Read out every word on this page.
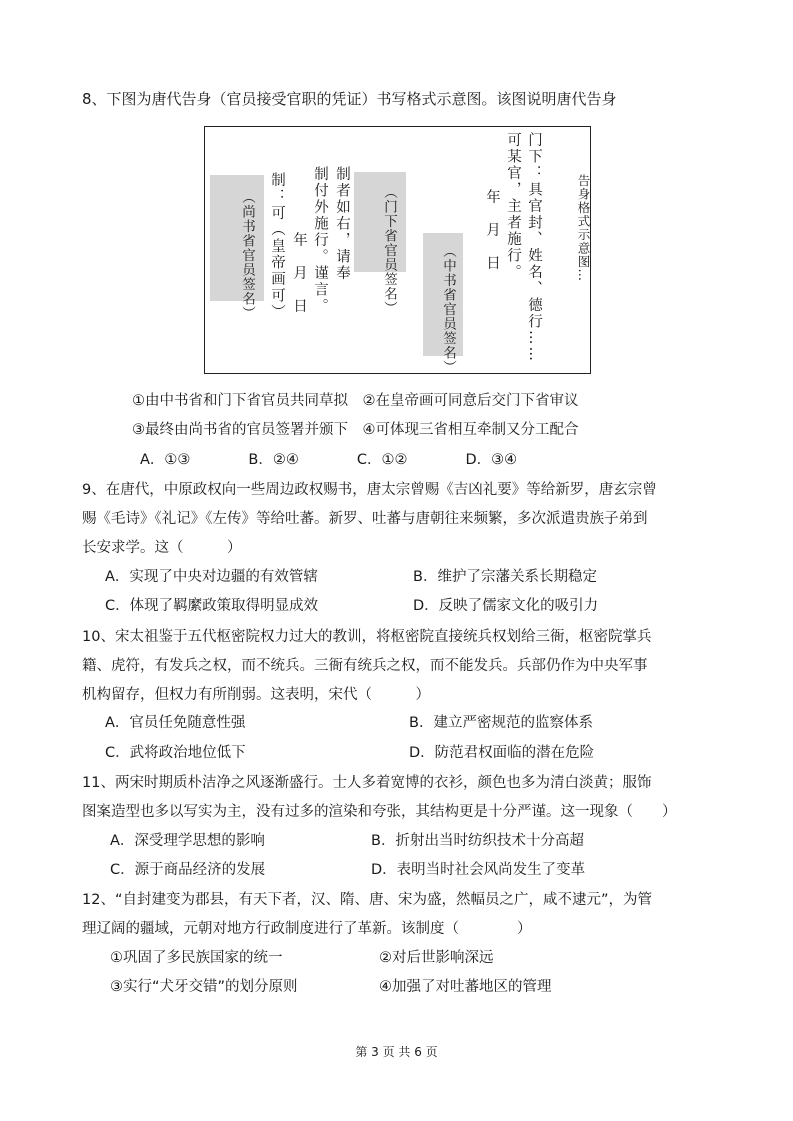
8、下图为唐代告身（官员接受官职的凭证）书写格式示意图。该图说明唐代告身
告身格式示意图…
门下：具官封、姓名、德行……
可某官，主者施行。
年　月　日
（中书省官员签名）
制者如右，请奉
制付外施行。谨言。	（门下省官员签名）
年　月　日
制：可（皇帝画可）
（尚书省官员签名）
①由中书省和门下省官员共同草拟　②在皇帝画可同意后交门下省审议
③最终由尚书省的官员签署并颁下　④可体现三省相互牵制又分工配合
A．①③　　　　B．②④　　　　C．①②　　　　D．③④
9、在唐代，中原政权向一些周边政权赐书，唐太宗曾赐《吉凶礼要》等给新罗，唐玄宗曾
赐《毛诗》《礼记》《左传》等给吐蕃。新罗、吐蕃与唐朝往来频繁，多次派遣贵族子弟到
长安求学。这（　　　）
A．实现了中央对边疆的有效管辖	B．维护了宗藩关系长期稳定
C．体现了羁縻政策取得明显成效	D．反映了儒家文化的吸引力
10、宋太祖鉴于五代枢密院权力过大的教训，将枢密院直接统兵权划给三衙，枢密院掌兵
籍、虎符，有发兵之权，而不统兵。三衙有统兵之权，而不能发兵。兵部仍作为中央军事
机构留存，但权力有所削弱。这表明，宋代（　　　）
A．官员任免随意性强	B．建立严密规范的监察体系
C．武将政治地位低下	D．防范君权面临的潜在危险
11、两宋时期质朴洁净之风逐渐盛行。士人多着宽博的衣衫，颜色也多为清白淡黄；服饰
图案造型也多以写实为主，没有过多的渲染和夸张，其结构更是十分严谨。这一现象（　　）
A．深受理学思想的影响	B．折射出当时纺织技术十分高超
C．源于商品经济的发展	D．表明当时社会风尚发生了变革
12、“自封建变为郡县，有天下者，汉、隋、唐、宋为盛，然幅员之广，咸不逮元”，为管
理辽阔的疆域，元朝对地方行政制度进行了革新。该制度（　　　　）
①巩固了多民族国家的统一	②对后世影响深远
③实行“犬牙交错”的划分原则	④加强了对吐蕃地区的管理
第 3 页 共 6 页
